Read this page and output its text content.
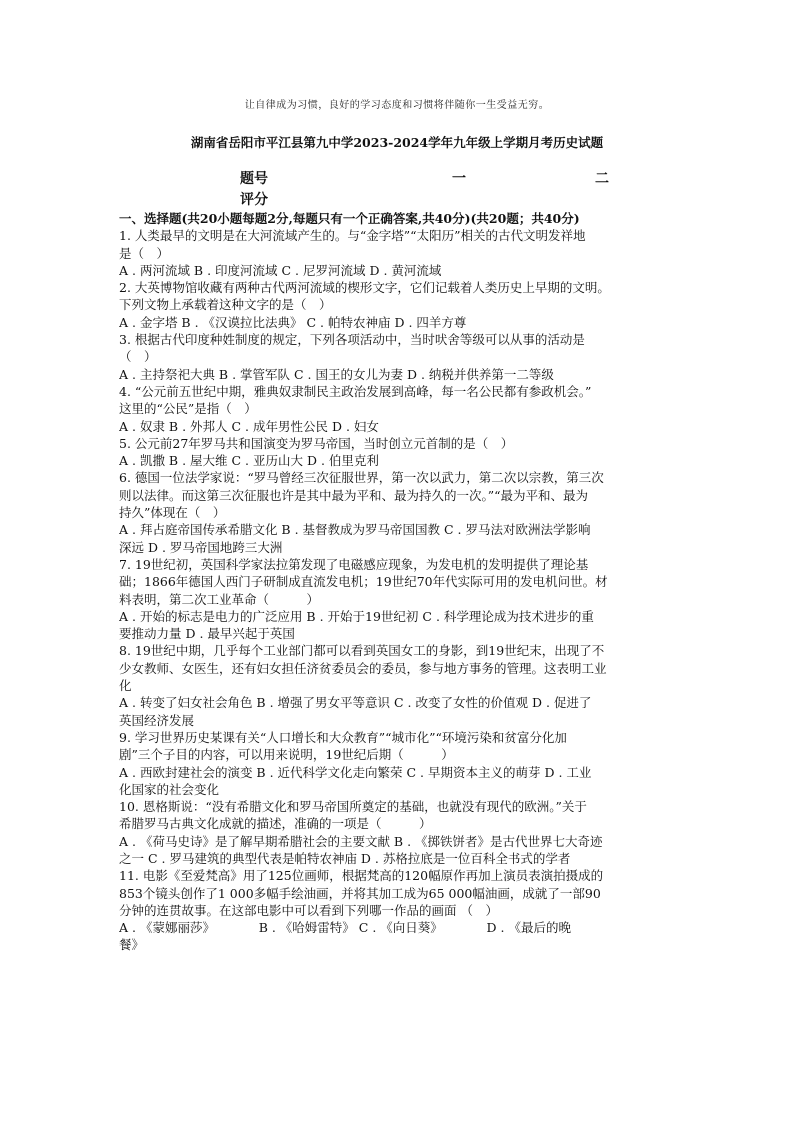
让自律成为习惯，良好的学习态度和习惯将伴随你一生受益无穷。
湖南省岳阳市平江县第九中学2023-2024学年九年级上学期月考历史试题
题号	一	二
评分
一、选择题(共20小题每题2分,每题只有一个正确答案,共40分)(共20题；共40分)
1. 人类最早的文明是在大河流域产生的。与“金字塔”“太阳历”相关的古代文明发祥地
是（　）
A . 两河流域 B . 印度河流域 C . 尼罗河流域 D . 黄河流域
2. 大英博物馆收藏有两种古代两河流域的楔形文字，它们记载着人类历史上早期的文明。
下列文物上承载着这种文字的是（　）
A . 金字塔 B . 《汉谟拉比法典》 C . 帕特农神庙 D . 四羊方尊
3. 根据古代印度种姓制度的规定，下列各项活动中，当时吠舍等级可以从事的活动是
（　）
A . 主持祭祀大典 B . 掌管军队 C . 国王的女儿为妻 D . 纳税并供养第一二等级
4. “公元前五世纪中期，雅典奴隶制民主政治发展到高峰，每一名公民都有参政机会。”
这里的“公民”是指（　）
A . 奴隶 B . 外邦人 C . 成年男性公民 D . 妇女
5. 公元前27年罗马共和国演变为罗马帝国，当时创立元首制的是（　）
A . 凯撒 B . 屋大维 C . 亚历山大 D . 伯里克利
6. 德国一位法学家说：“罗马曾经三次征服世界，第一次以武力，第二次以宗教，第三次
则以法律。而这第三次征服也许是其中最为平和、最为持久的一次。”“最为平和、最为
持久”体现在（　）
A . 拜占庭帝国传承希腊文化 B . 基督教成为罗马帝国国教 C . 罗马法对欧洲法学影响
深远 D . 罗马帝国地跨三大洲
7. 19世纪初，英国科学家法拉第发现了电磁感应现象，为发电机的发明提供了理论基
础；1866年德国人西门子研制成直流发电机；19世纪70年代实际可用的发电机问世。材
料表明，第二次工业革命（　　　）
A . 开始的标志是电力的广泛应用 B . 开始于19世纪初 C . 科学理论成为技术进步的重
要推动力量 D . 最早兴起于英国
8. 19世纪中期，几乎每个工业部门都可以看到英国女工的身影，到19世纪末，出现了不
少女教师、女医生，还有妇女担任济贫委员会的委员，参与地方事务的管理。这表明工业
化
A . 转变了妇女社会角色 B . 增强了男女平等意识 C . 改变了女性的价值观 D . 促进了
英国经济发展
9. 学习世界历史某课有关“人口增长和大众教育”“城市化”“环境污染和贫富分化加
剧”三个子目的内容，可以用来说明，19世纪后期（　　　）
A . 西欧封建社会的演变 B . 近代科学文化走向繁荣 C . 早期资本主义的萌芽 D . 工业
化国家的社会变化
10. 恩格斯说：“没有希腊文化和罗马帝国所奠定的基础，也就没有现代的欧洲。”关于
希腊罗马古典文化成就的描述，准确的一项是（　　　）
A . 《荷马史诗》是了解早期希腊社会的主要文献 B . 《掷铁饼者》是古代世界七大奇迹
之一 C . 罗马建筑的典型代表是帕特农神庙 D . 苏格拉底是一位百科全书式的学者
11. 电影《至爱梵高》用了125位画师，根据梵高的120幅原作再加上演员表演拍摄成的
853个镜头创作了1 000多幅手绘油画，并将其加工成为65 000幅油画，成就了一部90
分钟的连贯故事。在这部电影中可以看到下列哪一作品的画面 （　）
A . 《蒙娜丽莎》　　　　B . 《哈姆雷特》 C . 《向日葵》　　　　D . 《最后的晚
餐》
